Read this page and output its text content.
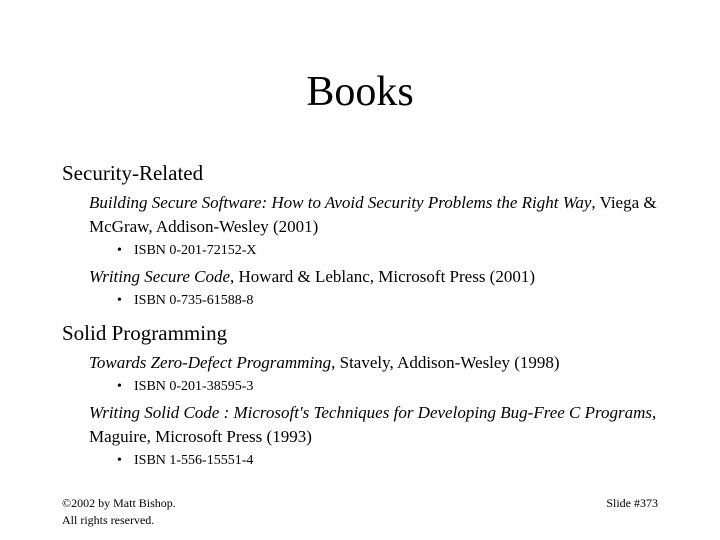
Books
Security-Related
Building Secure Software: How to Avoid Security Problems the Right Way, Viega & McGraw, Addison-Wesley (2001)
• ISBN 0-201-72152-X
Writing Secure Code, Howard & Leblanc, Microsoft Press (2001)
• ISBN 0-735-61588-8
Solid Programming
Towards Zero-Defect Programming, Stavely, Addison-Wesley (1998)
• ISBN 0-201-38595-3
Writing Solid Code : Microsoft's Techniques for Developing Bug-Free C Programs, Maguire, Microsoft Press (1993)
• ISBN 1-556-15551-4
©2002 by Matt Bishop.
All rights reserved.
Slide #373
